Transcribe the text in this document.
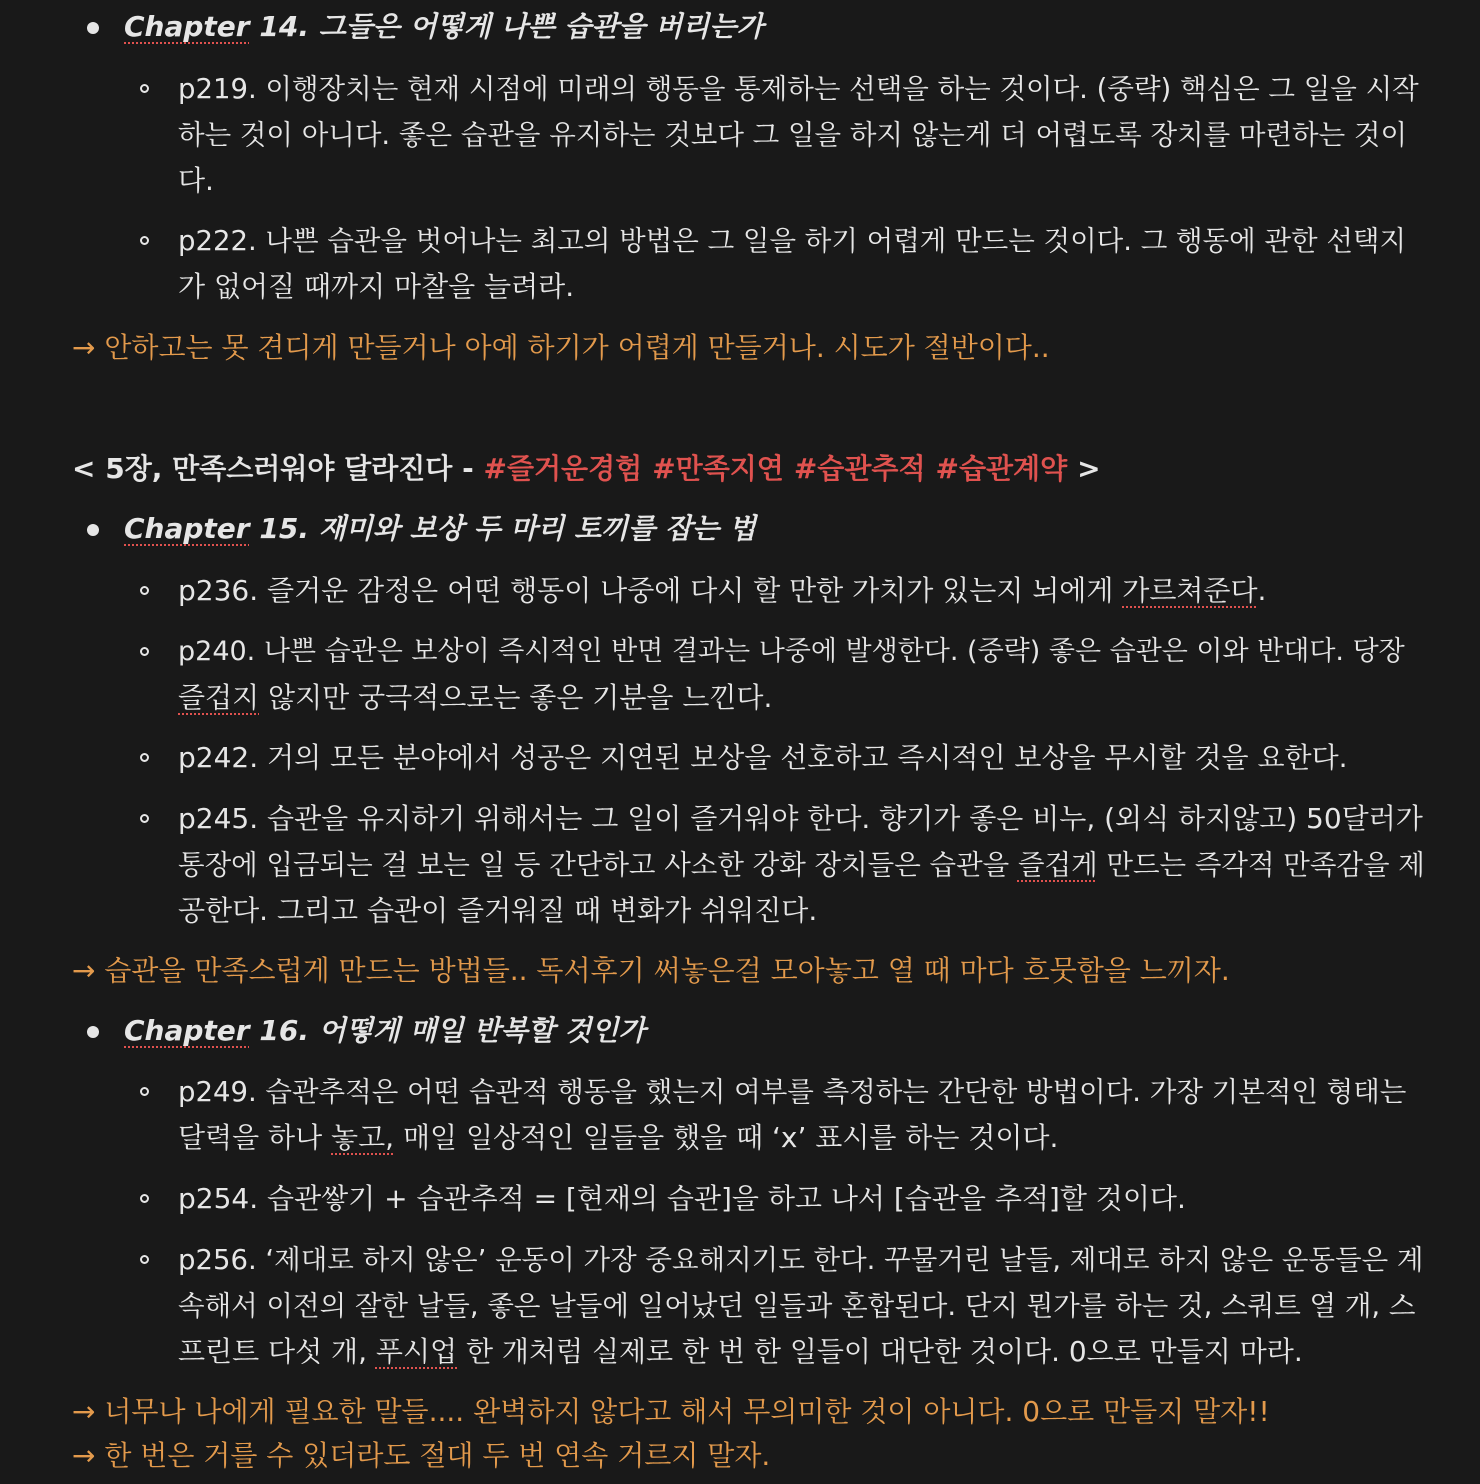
Chapter 14. 그들은 어떻게 나쁜 습관을 버리는가
p219. 이행장치는 현재 시점에 미래의 행동을 통제하는 선택을 하는 것이다. (중략) 핵심은 그 일을 시작
하는 것이 아니다. 좋은 습관을 유지하는 것보다 그 일을 하지 않는게 더 어렵도록 장치를 마련하는 것이
다.
p222. 나쁜 습관을 벗어나는 최고의 방법은 그 일을 하기 어렵게 만드는 것이다. 그 행동에 관한 선택지
가 없어질 때까지 마찰을 늘려라.
→ 안하고는 못 견디게 만들거나 아예 하기가 어렵게 만들거나. 시도가 절반이다..
< 5장, 만족스러워야 달라진다 - #즐거운경험 #만족지연 #습관추적 #습관계약 >
Chapter 15. 재미와 보상 두 마리 토끼를 잡는 법
p236. 즐거운 감정은 어떤 행동이 나중에 다시 할 만한 가치가 있는지 뇌에게 가르쳐준다.
p240. 나쁜 습관은 보상이 즉시적인 반면 결과는 나중에 발생한다. (중략) 좋은 습관은 이와 반대다. 당장
즐겁지 않지만 궁극적으로는 좋은 기분을 느낀다.
p242. 거의 모든 분야에서 성공은 지연된 보상을 선호하고 즉시적인 보상을 무시할 것을 요한다.
p245. 습관을 유지하기 위해서는 그 일이 즐거워야 한다. 향기가 좋은 비누, (외식 하지않고) 50달러가
통장에 입금되는 걸 보는 일 등 간단하고 사소한 강화 장치들은 습관을 즐겁게 만드는 즉각적 만족감을 제
공한다. 그리고 습관이 즐거워질 때 변화가 쉬워진다.
→ 습관을 만족스럽게 만드는 방법들.. 독서후기 써놓은걸 모아놓고 열 때 마다 흐뭇함을 느끼자.
Chapter 16. 어떻게 매일 반복할 것인가
p249. 습관추적은 어떤 습관적 행동을 했는지 여부를 측정하는 간단한 방법이다. 가장 기본적인 형태는
달력을 하나 놓고, 매일 일상적인 일들을 했을 때 ‘x’ 표시를 하는 것이다.
p254. 습관쌓기 + 습관추적 = [현재의 습관]을 하고 나서 [습관을 추적]할 것이다.
p256. ‘제대로 하지 않은’ 운동이 가장 중요해지기도 한다. 꾸물거린 날들, 제대로 하지 않은 운동들은 계
속해서 이전의 잘한 날들, 좋은 날들에 일어났던 일들과 혼합된다. 단지 뭔가를 하는 것, 스쿼트 열 개, 스
프린트 다섯 개, 푸시업 한 개처럼 실제로 한 번 한 일들이 대단한 것이다. 0으로 만들지 마라.
→ 너무나 나에게 필요한 말들.... 완벽하지 않다고 해서 무의미한 것이 아니다. 0으로 만들지 말자!!
→ 한 번은 거를 수 있더라도 절대 두 번 연속 거르지 말자.
